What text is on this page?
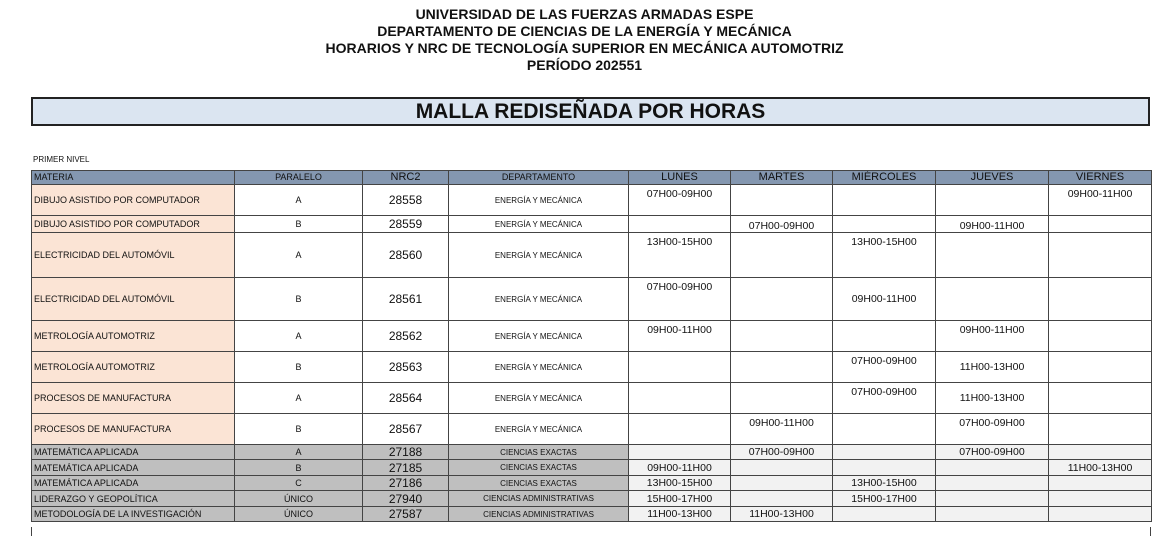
UNIVERSIDAD DE LAS FUERZAS ARMADAS ESPE
DEPARTAMENTO DE CIENCIAS DE LA ENERGÍA Y MECÁNICA
HORARIOS Y NRC DE TECNOLOGÍA SUPERIOR EN MECÁNICA AUTOMOTRIZ
PERÍODO 202551
MALLA REDISEÑADA POR HORAS
PRIMER NIVEL
MATERIA	PARALELO	NRC2	DEPARTAMENTO	LUNES	MARTES	MIÉRCOLES	JUEVES	VIERNES
DIBUJO ASISTIDO POR COMPUTADOR	A	28558	ENERGÍA Y MECÁNICA	07H00-09H00				09H00-11H00
DIBUJO ASISTIDO POR COMPUTADOR	B	28559	ENERGÍA Y MECÁNICA		07H00-09H00		09H00-11H00	
ELECTRICIDAD DEL AUTOMÓVIL	A	28560	ENERGÍA Y MECÁNICA	13H00-15H00		13H00-15H00		
ELECTRICIDAD DEL AUTOMÓVIL	B	28561	ENERGÍA Y MECÁNICA	07H00-09H00		09H00-11H00		
METROLOGÍA AUTOMOTRIZ	A	28562	ENERGÍA Y MECÁNICA	09H00-11H00			09H00-11H00	
METROLOGÍA AUTOMOTRIZ	B	28563	ENERGÍA Y MECÁNICA			07H00-09H00	11H00-13H00	
PROCESOS DE MANUFACTURA	A	28564	ENERGÍA Y MECÁNICA			07H00-09H00	11H00-13H00	
PROCESOS DE MANUFACTURA	B	28567	ENERGÍA Y MECÁNICA		09H00-11H00		07H00-09H00	
MATEMÁTICA APLICADA	A	27188	CIENCIAS EXACTAS		07H00-09H00		07H00-09H00	
MATEMÁTICA APLICADA	B	27185	CIENCIAS EXACTAS	09H00-11H00				11H00-13H00
MATEMÁTICA APLICADA	C	27186	CIENCIAS EXACTAS	13H00-15H00		13H00-15H00		
LIDERAZGO Y GEOPOLÍTICA	ÚNICO	27940	CIENCIAS ADMINISTRATIVAS	15H00-17H00		15H00-17H00		
METODOLOGÍA DE LA INVESTIGACIÓN	ÚNICO	27587	CIENCIAS ADMINISTRATIVAS	11H00-13H00	11H00-13H00			
